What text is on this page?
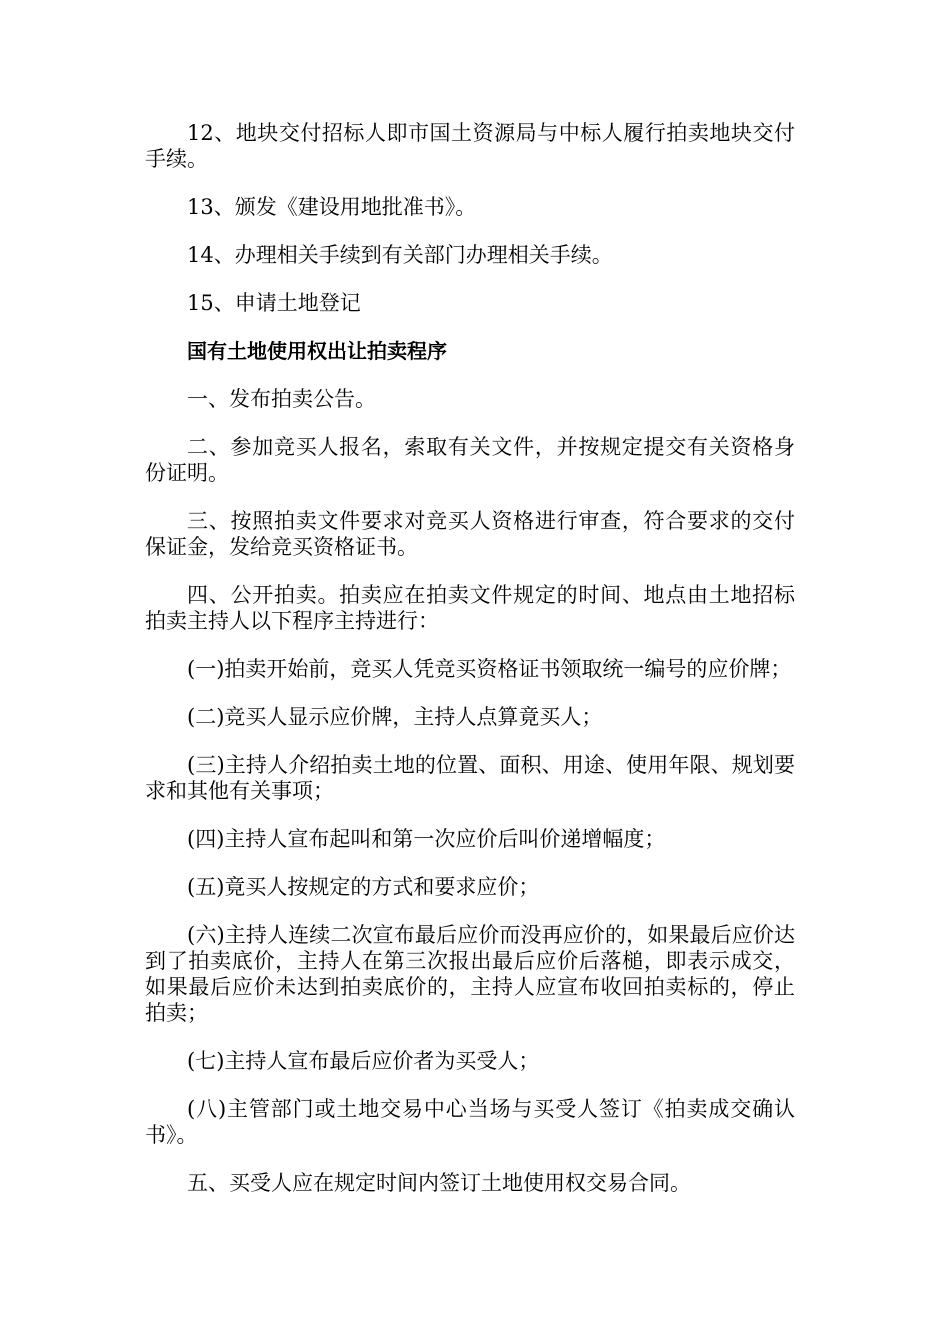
12、地块交付招标人即市国土资源局与中标人履行拍卖地块交付手续。

13、颁发《建设用地批准书》。

14、办理相关手续到有关部门办理相关手续。

15、申请土地登记

国有土地使用权出让拍卖程序

一、发布拍卖公告。

二、参加竞买人报名，索取有关文件，并按规定提交有关资格身份证明。

三、按照拍卖文件要求对竞买人资格进行审查，符合要求的交付保证金，发给竞买资格证书。

四、公开拍卖。拍卖应在拍卖文件规定的时间、地点由土地招标拍卖主持人以下程序主持进行：

(一)拍卖开始前，竞买人凭竞买资格证书领取统一编号的应价牌；

(二)竞买人显示应价牌，主持人点算竟买人；

(三)主持人介绍拍卖土地的位置、面积、用途、使用年限、规划要求和其他有关事项；

(四)主持人宣布起叫和第一次应价后叫价递增幅度；

(五)竟买人按规定的方式和要求应价；

(六)主持人连续二次宣布最后应价而没再应价的，如果最后应价达到了拍卖底价，主持人在第三次报出最后应价后落槌，即表示成交，如果最后应价未达到拍卖底价的，主持人应宣布收回拍卖标的，停止拍卖；

(七)主持人宣布最后应价者为买受人；

(八)主管部门或土地交易中心当场与买受人签订《拍卖成交确认书》。

五、买受人应在规定时间内签订土地使用权交易合同。
